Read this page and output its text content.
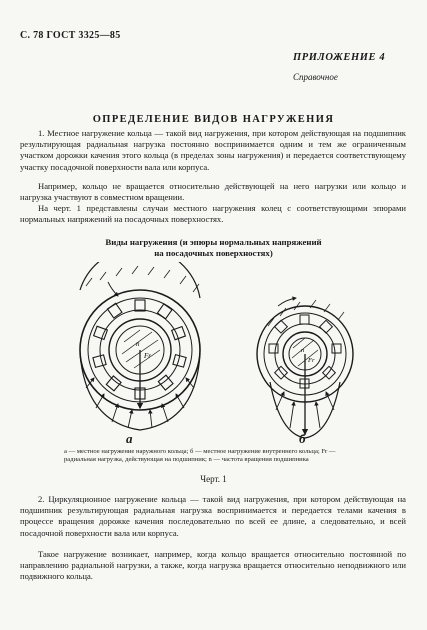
С. 78 ГОСТ 3325—85
ПРИЛОЖЕНИЕ 4
Справочное
ОПРЕДЕЛЕНИЕ ВИДОВ НАГРУЖЕНИЯ
1. Местное нагружение кольца — такой вид нагружения, при котором действующая на подшипник результирующая радиальная нагрузка постоянно воспринимается одним и тем же ограниченным участком дорожки качения этого кольца (в пределах зоны нагружения) и передается соответствующему участку посадочной поверхности вала или корпуса.
Например, кольцо не вращается относительно действующей на него нагрузки или кольцо и нагрузка участвуют в совместном вращении.
На черт. 1 представлены случаи местного нагружения колец с соответствующими эпюрами нормальных напряжений на посадочных поверхностях.
Виды нагружения (и эпюры нормальных напряжений
на посадочных поверхностях)
n
Fr
n
Fr
а	б
а — местное нагружение наружного кольца; б — местное нагружение внутреннего кольца; Fr — радиальная нагрузка, действующая на подшипник; n — частота вращения подшипника
Черт. 1
2. Циркуляционное нагружение кольца — такой вид нагружения, при котором действующая на подшипник результирующая радиальная нагрузка воспринимается и передается телами качения в процессе вращения дорожке качения последовательно по всей ее длине, а следовательно, и всей посадочной поверхности вала или корпуса.
Такое нагружение возникает, например, когда кольцо вращается относительно постоянной по направлению радиальной нагрузки, а также, когда нагрузка вращается относительно неподвижного или подвижного кольца.
